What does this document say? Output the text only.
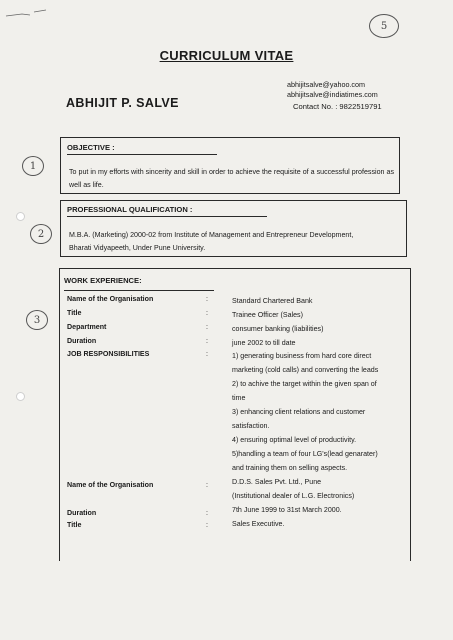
5
CURRICULUM VITAE
abhijitsalve@yahoo.com
abhijitsalve@indiatimes.com
Contact No. : 9822519791
ABHIJIT P. SALVE
1
2
3
OBJECTIVE :
To put in my efforts with sincerity and skill in order to achieve the requisite of a successful profession as well as life.
PROFESSIONAL QUALIFICATION :
M.B.A. (Marketing) 2000-02 from Institute of Management and Entrepreneur Development,
Bharati Vidyapeeth, Under Pune University.
WORK EXPERIENCE:
Name of the Organisation	:	Standard Chartered Bank
Title	:	Trainee Officer (Sales)
Department	:	consumer banking (liabilities)
Duration	:	june 2002 to till date
JOB RESPONSIBILITIES	:	1) generating business from hard core direct
marketing (cold calls) and converting the leads
2) to achive the target within the given span of
time
3) enhancing client relations and customer
satisfaction.
4) ensuring optimal level of productivity.
5)handling a team of four LG's(lead genarater)
and training them on selling aspects.
Name of the Organisation	:	D.D.S. Sales Pvt. Ltd., Pune
(Institutional dealer of L.G. Electronics)
Duration	:	7th June 1999 to 31st March 2000.
Title	:	Sales Executive.
